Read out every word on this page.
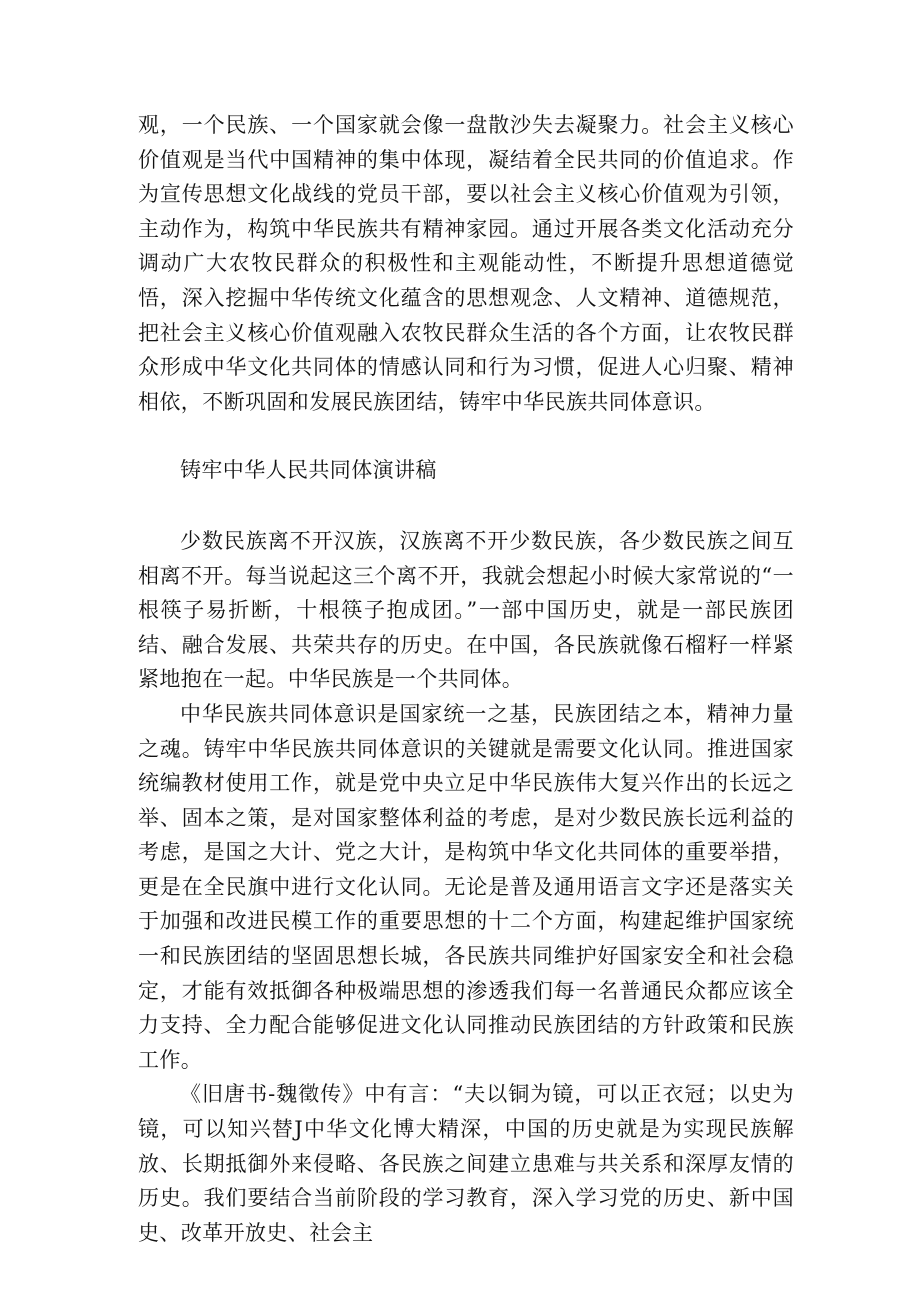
观，一个民族、一个国家就会像一盘散沙失去凝聚力。社会主义核心价值观是当代中国精神的集中体现，凝结着全民共同的价值追求。作为宣传思想文化战线的党员干部，要以社会主义核心价值观为引领，主动作为，构筑中华民族共有精神家园。通过开展各类文化活动充分调动广大农牧民群众的积极性和主观能动性，不断提升思想道德觉悟，深入挖掘中华传统文化蕴含的思想观念、人文精神、道德规范，把社会主义核心价值观融入农牧民群众生活的各个方面，让农牧民群众形成中华文化共同体的情感认同和行为习惯，促进人心归聚、精神相依，不断巩固和发展民族团结，铸牢中华民族共同体意识。

铸牢中华人民共同体演讲稿

少数民族离不开汉族，汉族离不开少数民族，各少数民族之间互相离不开。每当说起这三个离不开，我就会想起小时候大家常说的“一根筷子易折断，十根筷子抱成团。”一部中国历史，就是一部民族团结、融合发展、共荣共存的历史。在中国，各民族就像石榴籽一样紧紧地抱在一起。中华民族是一个共同体。

中华民族共同体意识是国家统一之基，民族团结之本，精神力量之魂。铸牢中华民族共同体意识的关键就是需要文化认同。推进国家统编教材使用工作，就是党中央立足中华民族伟大复兴作出的长远之举、固本之策，是对国家整体利益的考虑，是对少数民族长远利益的考虑，是国之大计、党之大计，是构筑中华文化共同体的重要举措，更是在全民旗中进行文化认同。无论是普及通用语言文字还是落实关于加强和改进民模工作的重要思想的十二个方面，构建起维护国家统一和民族团结的坚固思想长城，各民族共同维护好国家安全和社会稳定，才能有效抵御各种极端思想的渗透我们每一名普通民众都应该全力支持、全力配合能够促进文化认同推动民族团结的方针政策和民族工作。

《旧唐书-魏徵传》中有言：“夫以铜为镜，可以正衣冠；以史为镜，可以知兴替J中华文化博大精深，中国的历史就是为实现民族解放、长期抵御外来侵略、各民族之间建立患难与共关系和深厚友情的历史。我们要结合当前阶段的学习教育，深入学习党的历史、新中国史、改革开放史、社会主
